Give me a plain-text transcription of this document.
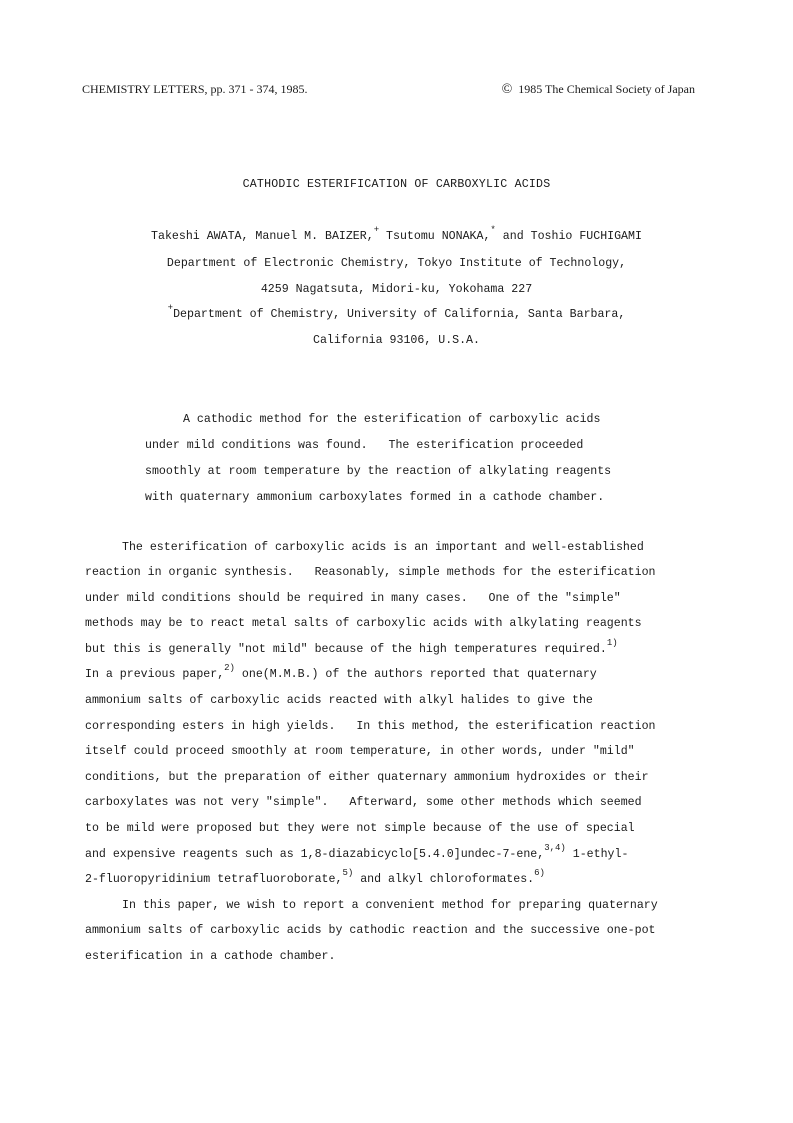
CHEMISTRY LETTERS, pp. 371 - 374, 1985.	© 1985 The Chemical Society of Japan
CATHODIC ESTERIFICATION OF CARBOXYLIC ACIDS
Takeshi AWATA, Manuel M. BAIZER,+ Tsutomu NONAKA,* and Toshio FUCHIGAMI
Department of Electronic Chemistry, Tokyo Institute of Technology,
4259 Nagatsuta, Midori-ku, Yokohama 227
+Department of Chemistry, University of California, Santa Barbara,
California 93106, U.S.A.
A cathodic method for the esterification of carboxylic acids
under mild conditions was found.   The esterification proceeded
smoothly at room temperature by the reaction of alkylating reagents
with quaternary ammonium carboxylates formed in a cathode chamber.
The esterification of carboxylic acids is an important and well-established
reaction in organic synthesis.   Reasonably, simple methods for the esterification
under mild conditions should be required in many cases.   One of the "simple"
methods may be to react metal salts of carboxylic acids with alkylating reagents
but this is generally "not mild" because of the high temperatures required.$^{1)}$
In a previous paper,$^{2)}$ one(M.M.B.) of the authors reported that quaternary
ammonium salts of carboxylic acids reacted with alkyl halides to give the
corresponding esters in high yields.   In this method, the esterification reaction
itself could proceed smoothly at room temperature, in other words, under "mild"
conditions, but the preparation of either quaternary ammonium hydroxides or their
carboxylates was not very "simple".   Afterward, some other methods which seemed
to be mild were proposed but they were not simple because of the use of special
and expensive reagents such as 1,8-diazabicyclo[5.4.0]undec-7-ene,$^{3,4)}$ 1-ethyl-
2-fluoropyridinium tetrafluoroborate,$^{5)}$ and alkyl chloroformates.$^{6)}$
In this paper, we wish to report a convenient method for preparing quaternary
ammonium salts of carboxylic acids by cathodic reaction and the successive one-pot
esterification in a cathode chamber.
